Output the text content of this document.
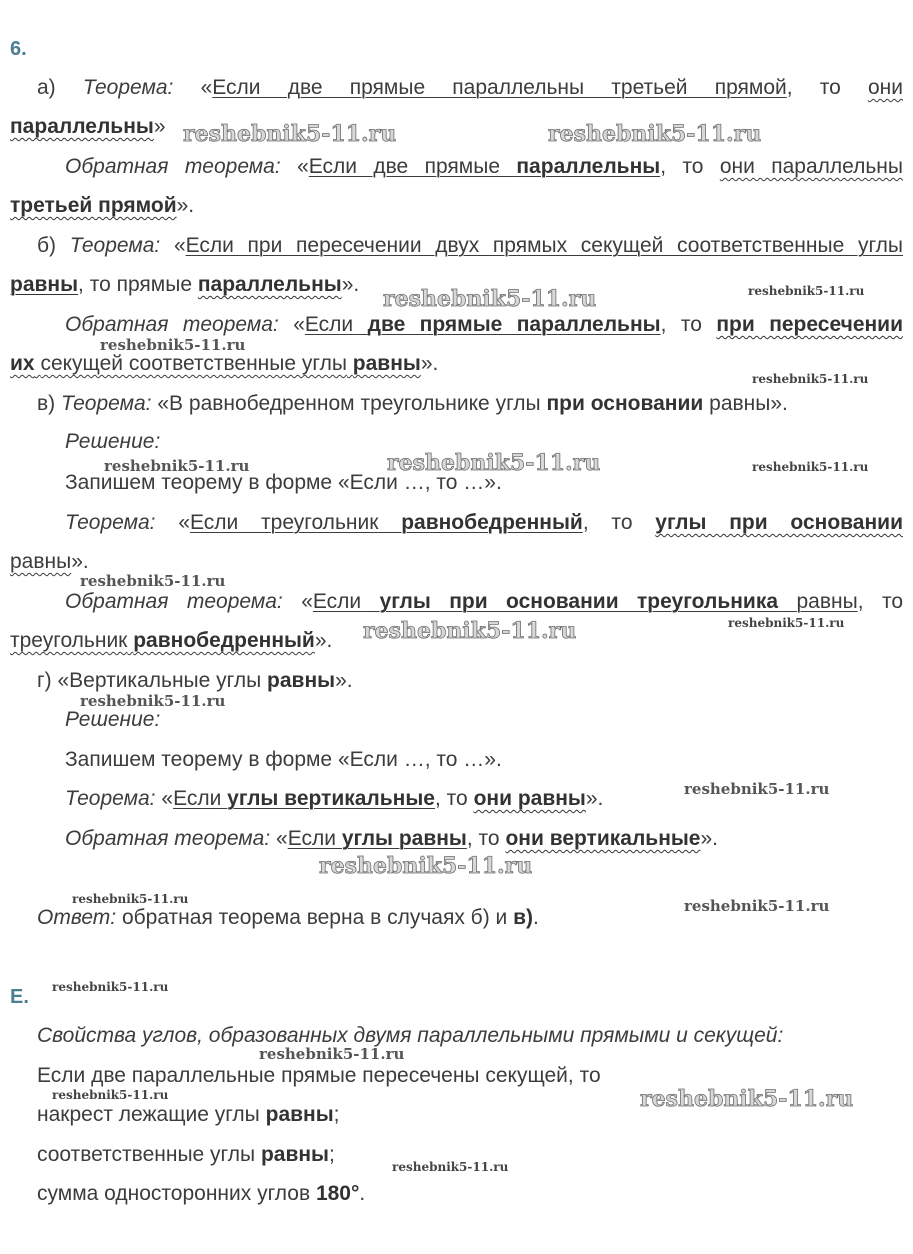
6.
а) Теорема: «Если две прямые параллельны третьей прямой, то они
параллельны»
Обратная теорема: «Если две прямые параллельны, то они параллельны
третьей прямой».
б) Теорема: «Если при пересечении двух прямых секущей соответственные углы
равны, то прямые параллельны».
Обратная теорема: «Если две прямые параллельны, то при пересечении
их секущей соответственные углы равны».
в) Теорема: «В равнобедренном треугольнике углы при основании равны».
Решение:
Запишем теорему в форме «Если …, то …».
Теорема: «Если треугольник равнобедренный, то углы при основании
равны».
Обратная теорема: «Если углы при основании треугольника равны, то
треугольник равнобедренный».
г) «Вертикальные углы равны».
Решение:
Запишем теорему в форме «Если …, то …».
Теорема: «Если углы вертикальные, то они равны».
Обратная теорема: «Если углы равны, то они вертикальные».
Ответ: обратная теорема верна в случаях б) и в).
Е.
Свойства углов, образованных двумя параллельными прямыми и секущей:
Если две параллельные прямые пересечены секущей, то
накрест лежащие углы равны;
соответственные углы равны;
сумма односторонних углов 180°.
reshebnik5-11.ru	reshebnik5-11.ru
reshebnik5-11.ru	reshebnik5-11.ru
reshebnik5-11.ru
reshebnik5-11.ru
reshebnik5-11.ru	reshebnik5-11.ru	reshebnik5-11.ru
reshebnik5-11.ru
reshebnik5-11.ru	reshebnik5-11.ru
reshebnik5-11.ru
reshebnik5-11.ru
reshebnik5-11.ru
reshebnik5-11.ru	reshebnik5-11.ru
reshebnik5-11.ru
reshebnik5-11.ru
reshebnik5-11.ru	reshebnik5-11.ru
reshebnik5-11.ru
